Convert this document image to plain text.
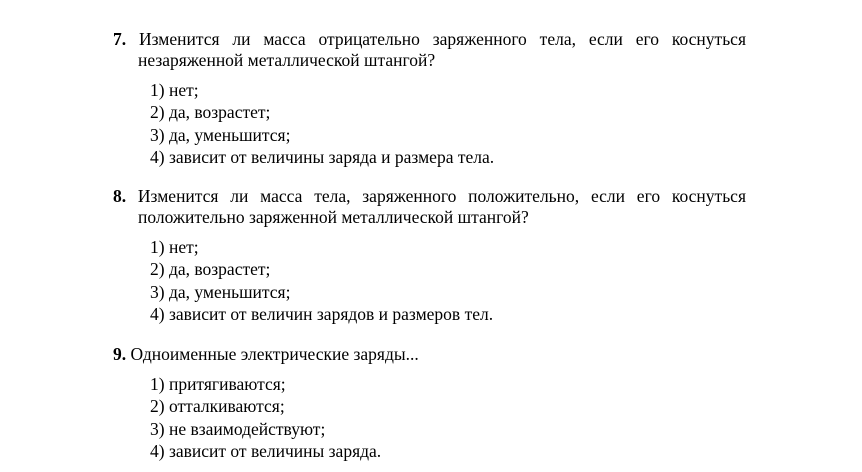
7. Изменится ли масса отрицательно заряженного тела, если его коснуться незаряженной металлической штангой?

1) нет;
2) да, возрастет;
3) да, уменьшится;
4) зависит от величины заряда и размера тела.

8. Изменится ли масса тела, заряженного положительно, если его коснуться положительно заряженной металлической штангой?

1) нет;
2) да, возрастет;
3) да, уменьшится;
4) зависит от величин зарядов и размеров тел.

9. Одноименные электрические заряды...

1) притягиваются;
2) отталкиваются;
3) не взаимодействуют;
4) зависит от величины заряда.
